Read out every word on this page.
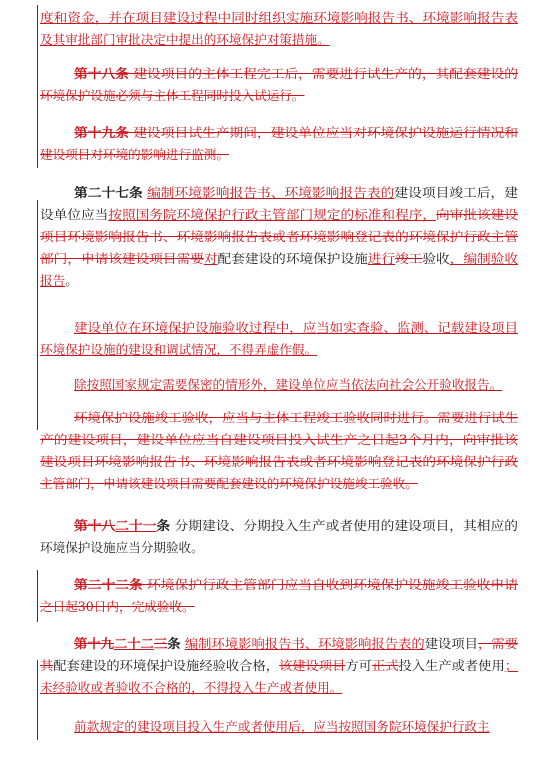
度和资金，并在项目建设过程中同时组织实施环境影响报告书、环境影响报告表
及其审批部门审批决定中提出的环境保护对策措施。
第十八条 建设项目的主体工程完工后，需要进行试生产的，其配套建设的
环境保护设施必须与主体工程同时投入试运行。
第十九条 建设项目试生产期间，建设单位应当对环境保护设施运行情况和
建设项目对环境的影响进行监测。
第二十七条 编制环境影响报告书、环境影响报告表的建设项目竣工后，建
设单位应当按照国务院环境保护行政主管部门规定的标准和程序，向审批该建设
项目环境影响报告书、环境影响报告表或者环境影响登记表的环境保护行政主管
部门，申请该建设项目需要对配套建设的环境保护设施进行竣工验收，编制验收
报告。
建设单位在环境保护设施验收过程中，应当如实查验、监测、记载建设项目
环境保护设施的建设和调试情况，不得弄虚作假。
除按照国家规定需要保密的情形外，建设单位应当依法向社会公开验收报告。
环境保护设施竣工验收，应当与主体工程竣工验收同时进行。需要进行试生
产的建设项目，建设单位应当自建设项目投入试生产之日起3个月内，向审批该
建设项目环境影响报告书、环境影响报告表或者环境影响登记表的环境保护行政
主管部门，申请该建设项目需要配套建设的环境保护设施竣工验收。
第十八二十一条 分期建设、分期投入生产或者使用的建设项目，其相应的
环境保护设施应当分期验收。
第二十二条 环境保护行政主管部门应当自收到环境保护设施竣工验收申请
之日起30日内，完成验收。
第十九二十二三条 编制环境影响报告书、环境影响报告表的建设项目，需要
其配套建设的环境保护设施经验收合格，该建设项目方可正式投入生产或者使用；
未经验收或者验收不合格的，不得投入生产或者使用。
前款规定的建设项目投入生产或者使用后，应当按照国务院环境保护行政主
